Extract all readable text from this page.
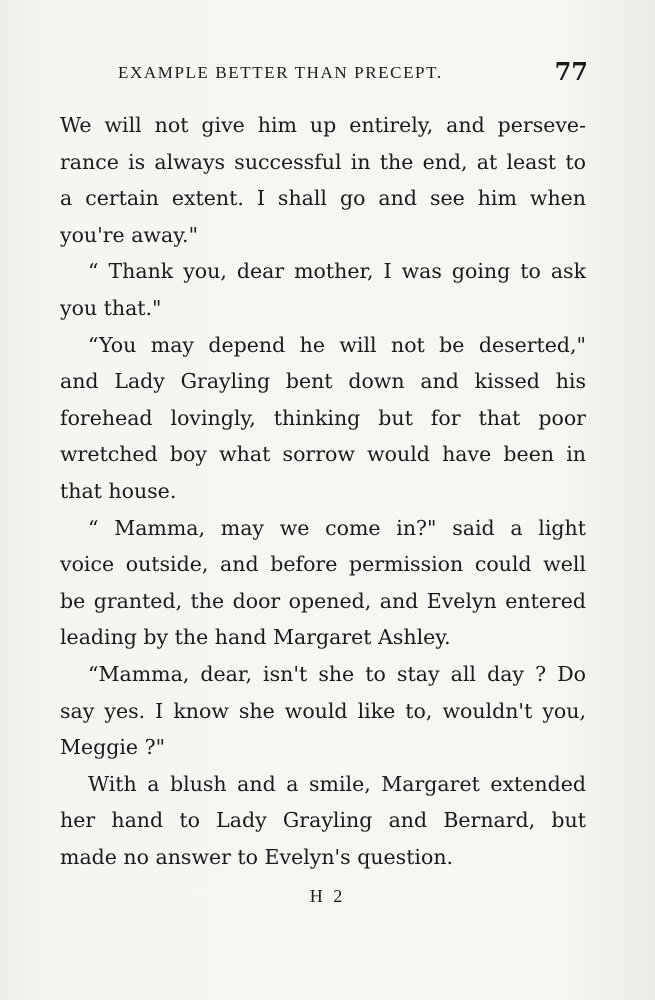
EXAMPLE BETTER THAN PRECEPT.	77
We will not give him up entirely, and perseve-
rance is always successful in the end, at least to
a certain extent. I shall go and see him when
you're away."
“ Thank you, dear mother, I was going to ask
you that."
“You may depend he will not be deserted,"
and Lady Grayling bent down and kissed his
forehead lovingly, thinking but for that poor
wretched boy what sorrow would have been in
that house.
“ Mamma, may we come in?" said a light
voice outside, and before permission could well
be granted, the door opened, and Evelyn entered
leading by the hand Margaret Ashley.
“Mamma, dear, isn't she to stay all day ? Do
say yes. I know she would like to, wouldn't you,
Meggie ?"
With a blush and a smile, Margaret extended
her hand to Lady Grayling and Bernard, but
made no answer to Evelyn's question.
H 2
